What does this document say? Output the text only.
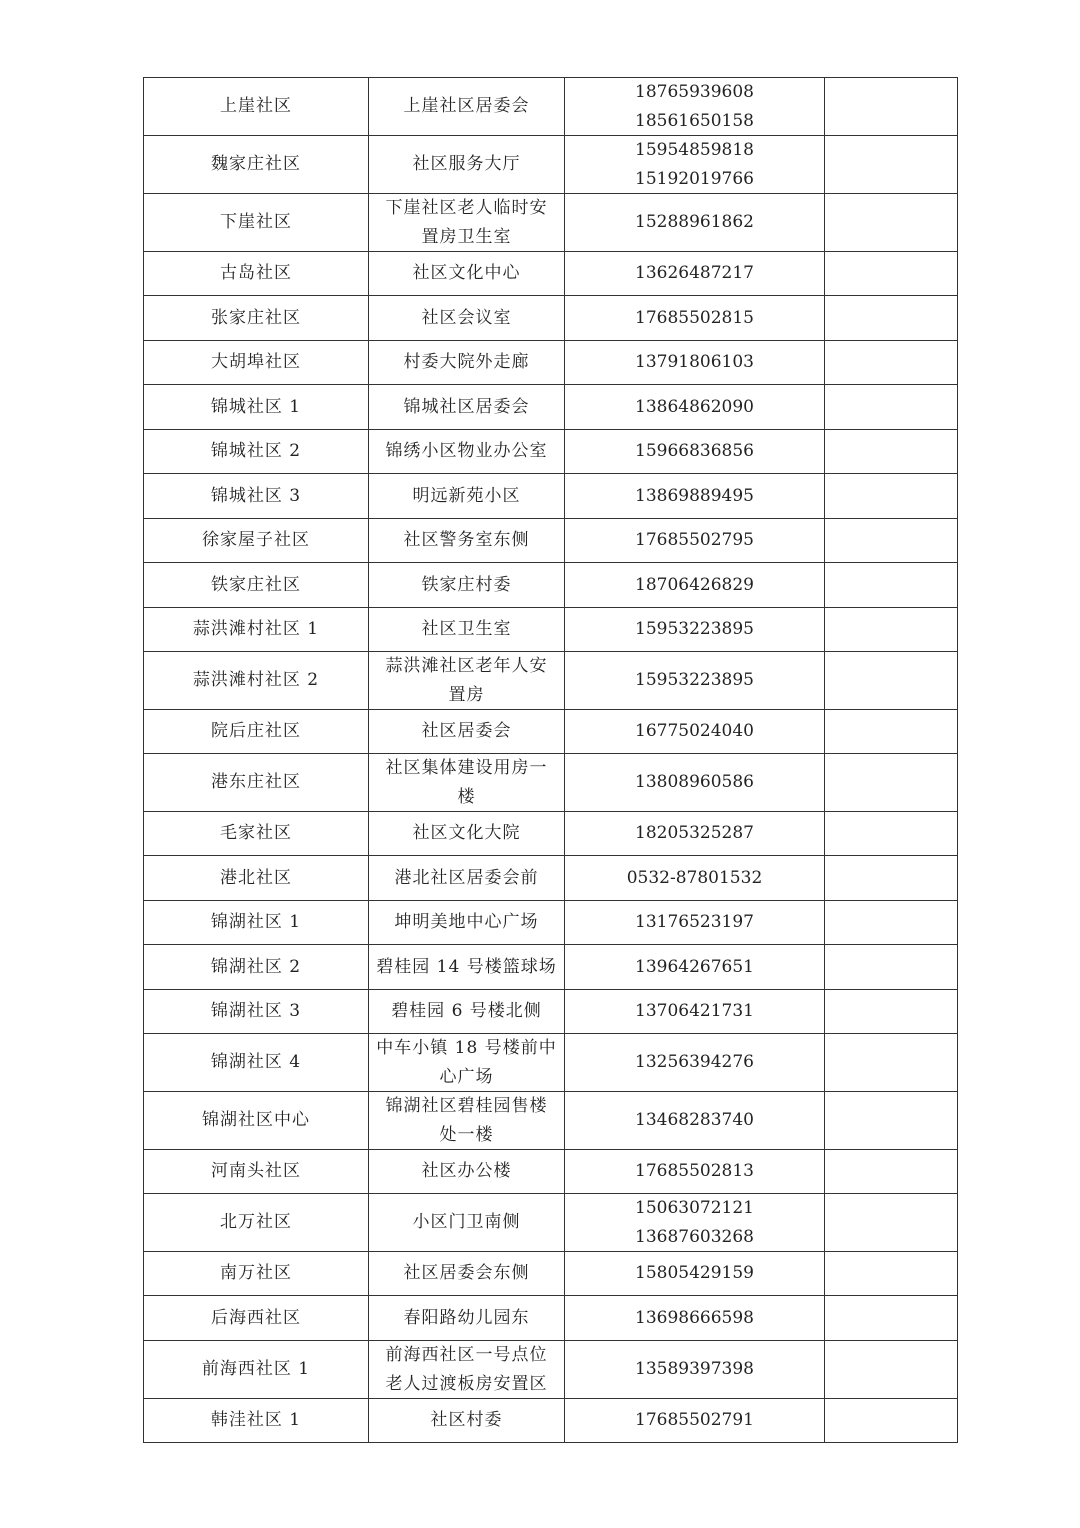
上崖社区	上崖社区居委会	18765939608
18561650158	

魏家庄社区	社区服务大厅	15954859818
15192019766	

下崖社区	下崖社区老人临时安
置房卫生室	15288961862	

古岛社区	社区文化中心	13626487217	

张家庄社区	社区会议室	17685502815	

大胡埠社区	村委大院外走廊	13791806103	

锦城社区 1	锦城社区居委会	13864862090	

锦城社区 2	锦绣小区物业办公室	15966836856	

锦城社区 3	明远新苑小区	13869889495	

徐家屋子社区	社区警务室东侧	17685502795	

铁家庄社区	铁家庄村委	18706426829	

蒜洪滩村社区 1	社区卫生室	15953223895	

蒜洪滩村社区 2	蒜洪滩社区老年人安
置房	15953223895	

院后庄社区	社区居委会	16775024040	

港东庄社区	社区集体建设用房一
楼	13808960586	

毛家社区	社区文化大院	18205325287	

港北社区	港北社区居委会前	0532-87801532	

锦湖社区 1	坤明美地中心广场	13176523197	

锦湖社区 2	碧桂园 14 号楼篮球场	13964267651	

锦湖社区 3	碧桂园 6 号楼北侧	13706421731	

锦湖社区 4	中车小镇 18 号楼前中
心广场	13256394276	

锦湖社区中心	锦湖社区碧桂园售楼
处一楼	13468283740	

河南头社区	社区办公楼	17685502813	

北万社区	小区门卫南侧	15063072121
13687603268	

南万社区	社区居委会东侧	15805429159	

后海西社区	春阳路幼儿园东	13698666598	

前海西社区 1	前海西社区一号点位
老人过渡板房安置区	13589397398	

韩洼社区 1	社区村委	17685502791	
